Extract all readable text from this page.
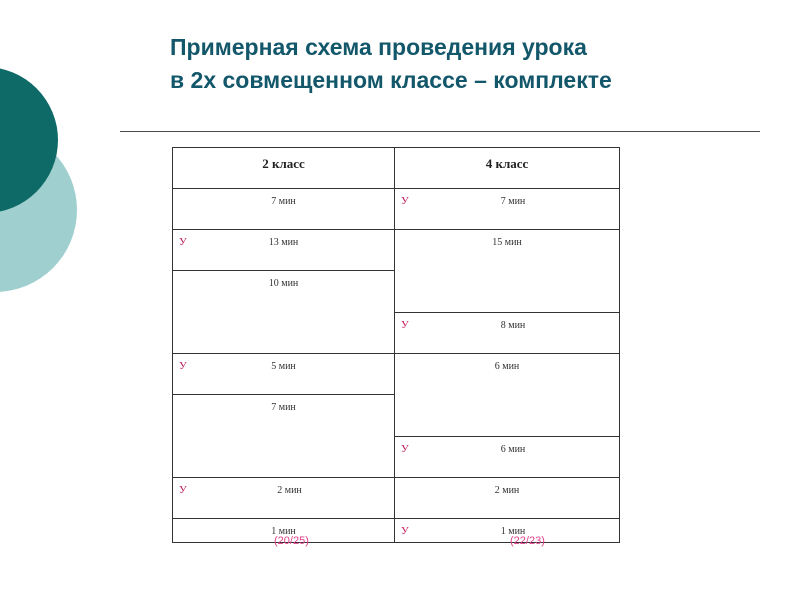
Примерная схема проведения урока
в 2х совмещенном классе – комплекте
2 класс	4 класс

7 мин	У 7 мин

У 13 мин	15 мин

10 мин	

	У 8 мин

У 5 мин	6 мин

7 мин	

	У 6 мин

У 2 мин	2 мин

1 мин	У 1 мин
(20/25)	(22/23)
